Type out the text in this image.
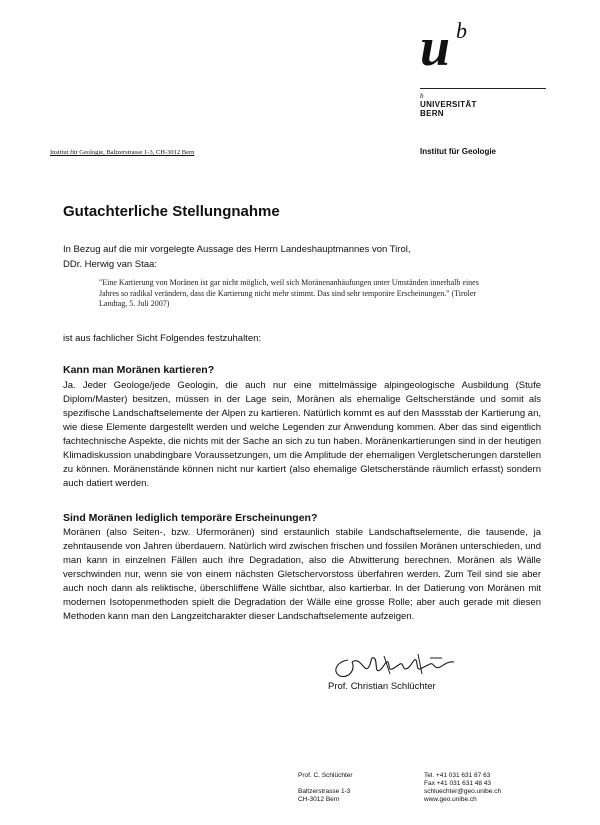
u b
b
UNIVERSITÄT
BERN
Institut für Geologie, Baltzerstrasse 1-3, CH-3012 Bern	Institut für Geologie
Gutachterliche Stellungnahme
In Bezug auf die mir vorgelegte Aussage des Herrn Landeshauptmannes von Tirol,
DDr. Herwig van Staa:
"Eine Kartierung von Moränen ist gar nicht möglich, weil sich Moränenanhäufungen unter Umständen innerhalb eines Jahres so radikal verändern, dass die Kartierung nicht mehr stimmt. Das sind sehr temporäre Erscheinungen." (Tiroler Landtag, 5. Juli 2007)
ist aus fachlicher Sicht Folgendes festzuhalten:
Kann man Moränen kartieren?
Ja. Jeder Geologe/jede Geologin, die auch nur eine mittelmässige alpingeologische Ausbildung (Stufe Diplom/Master) besitzen, müssen in der Lage sein, Moränen als ehemalige Geltscherstände und somit als spezifische Landschaftselemente der Alpen zu kartieren. Natürlich kommt es auf den Massstab der Kartierung an, wie diese Elemente dargestellt werden und welche Legenden zur Anwendung kommen. Aber das sind eigentlich fachtechnische Aspekte, die nichts mit der Sache an sich zu tun haben. Moränenkartierungen sind in der heutigen Klimadiskussion unabdingbare Voraussetzungen, um die Amplitude der ehemaligen Vergletscherungen darstellen zu können. Moränenstände können nicht nur kartiert (also ehemalige Gletscherstände räumlich erfasst) sondern auch datiert werden.
Sind Moränen lediglich temporäre Erscheinungen?
Moränen (also Seiten-, bzw. Ufermoränen) sind erstaunlich stabile Landschaftselemente, die tausende, ja zehntausende von Jahren überdauern. Natürlich wird zwischen frischen und fossilen Moränen unterschieden, und man kann in einzelnen Fällen auch ihre Degradation, also die Abwitterung berechnen. Moränen als Wälle verschwinden nur, wenn sie von einem nächsten Gletschervorstoss überfahren werden. Zum Teil sind sie aber auch noch dann als reliktische, überschliffene Wälle sichtbar, also kartierbar. In der Datierung von Moränen mit modernen Isotopenmethoden spielt die Degradation der Wälle eine grosse Rolle; aber auch gerade mit diesen Methoden kann man den Langzeitcharakter dieser Landschaftselemente aufzeigen.
Prof. Christian Schlüchter
Prof. C. Schlüchter
Baltzerstrasse 1-3
CH-3012 Bern
Tel. +41 031 631 87 63
Fax +41 031 631 48 43
schluechter@geo.unibe.ch
www.geo.unibe.ch
